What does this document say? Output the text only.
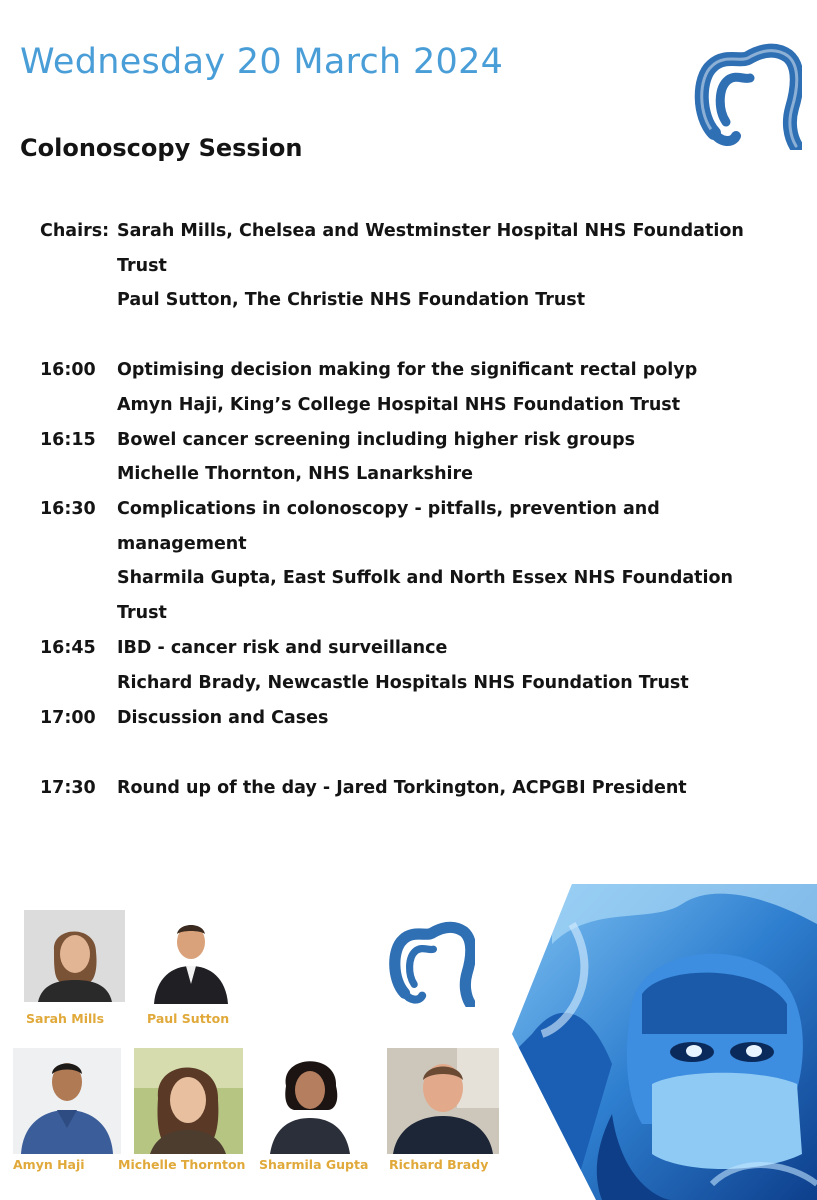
Wednesday 20 March 2024
Colonoscopy Session
Chairs: Sarah Mills, Chelsea and Westminster Hospital NHS Foundation
Trust
Paul Sutton, The Christie NHS Foundation Trust
16:00 Optimising decision making for the significant rectal polyp
Amyn Haji, King’s College Hospital NHS Foundation Trust
16:15 Bowel cancer screening including higher risk groups
Michelle Thornton, NHS Lanarkshire
16:30 Complications in colonoscopy - pitfalls, prevention and
management
Sharmila Gupta, East Suffolk and North Essex NHS Foundation
Trust
16:45 IBD - cancer risk and surveillance
Richard Brady, Newcastle Hospitals NHS Foundation Trust
17:00 Discussion and Cases
17:30 Round up of the day - Jared Torkington, ACPGBI President
Sarah Mills	Paul Sutton
Amyn Haji	Michelle Thornton Sharmila Gupta Richard Brady
